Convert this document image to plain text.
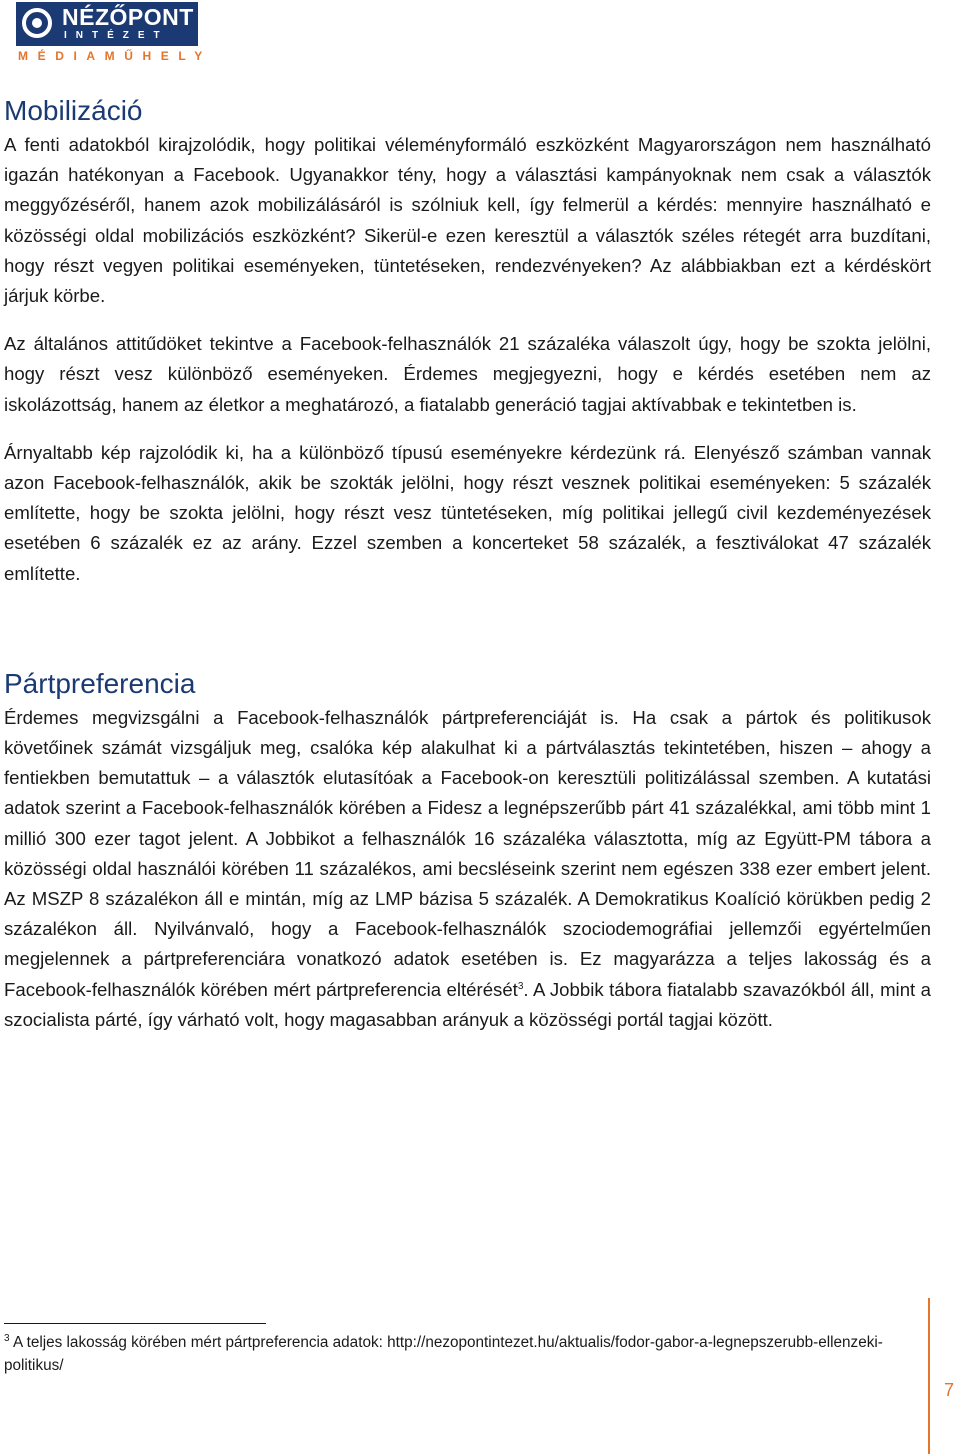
NÉZŐPONT
INTÉZET
MÉDIAMŰHELY
Mobilizáció

A fenti adatokból kirajzolódik, hogy politikai véleményformáló eszközként Magyarországon nem használható igazán hatékonyan a Facebook. Ugyanakkor tény, hogy a választási kampányoknak nem csak a választók meggyőzéséről, hanem azok mobilizálásáról is szólniuk kell, így felmerül a kérdés: mennyire használható e közösségi oldal mobilizációs eszközként? Sikerül-e ezen keresztül a választók széles rétegét arra buzdítani, hogy részt vegyen politikai eseményeken, tüntetéseken, rendezvényeken? Az alábbiakban ezt a kérdéskört járjuk körbe.

Az általános attitűdöket tekintve a Facebook-felhasználók 21 százaléka válaszolt úgy, hogy be szokta jelölni, hogy részt vesz különböző eseményeken. Érdemes megjegyezni, hogy e kérdés esetében nem az iskolázottság, hanem az életkor a meghatározó, a fiatalabb generáció tagjai aktívabbak e tekintetben is.

Árnyaltabb kép rajzolódik ki, ha a különböző típusú eseményekre kérdezünk rá. Elenyésző számban vannak azon Facebook-felhasználók, akik be szokták jelölni, hogy részt vesznek politikai eseményeken: 5 százalék említette, hogy be szokta jelölni, hogy részt vesz tüntetéseken, míg politikai jellegű civil kezdeményezések esetében 6 százalék ez az arány. Ezzel szemben a koncerteket 58 százalék, a fesztiválokat 47 százalék említette.

Pártpreferencia

Érdemes megvizsgálni a Facebook-felhasználók pártpreferenciáját is. Ha csak a pártok és politikusok követőinek számát vizsgáljuk meg, csalóka kép alakulhat ki a pártválasztás tekintetében, hiszen – ahogy a fentiekben bemutattuk – a választók elutasítóak a Facebook-on keresztüli politizálással szemben. A kutatási adatok szerint a Facebook-felhasználók körében a Fidesz a legnépszerűbb párt 41 százalékkal, ami több mint 1 millió 300 ezer tagot jelent. A Jobbikot a felhasználók 16 százaléka választotta, míg az Együtt-PM tábora a közösségi oldal használói körében 11 százalékos, ami becsléseink szerint nem egészen 338 ezer embert jelent. Az MSZP 8 százalékon áll e mintán, míg az LMP bázisa 5 százalék. A Demokratikus Koalíció körükben pedig 2 százalékon áll. Nyilvánvaló, hogy a Facebook-felhasználók szociodemográfiai jellemzői egyértelműen megjelennek a pártpreferenciára vonatkozó adatok esetében is. Ez magyarázza a teljes lakosság és a Facebook-felhasználók körében mért pártpreferencia eltérését$^3$. A Jobbik tábora fiatalabb szavazókból áll, mint a szocialista párté, így várható volt, hogy magasabban arányuk a közösségi portál tagjai között.

$^3$ A teljes lakosság körében mért pártpreferencia adatok: http://nezopontintezet.hu/aktualis/fodor-gabor-a-legnepszerubb-ellenzeki-politikus/
7
